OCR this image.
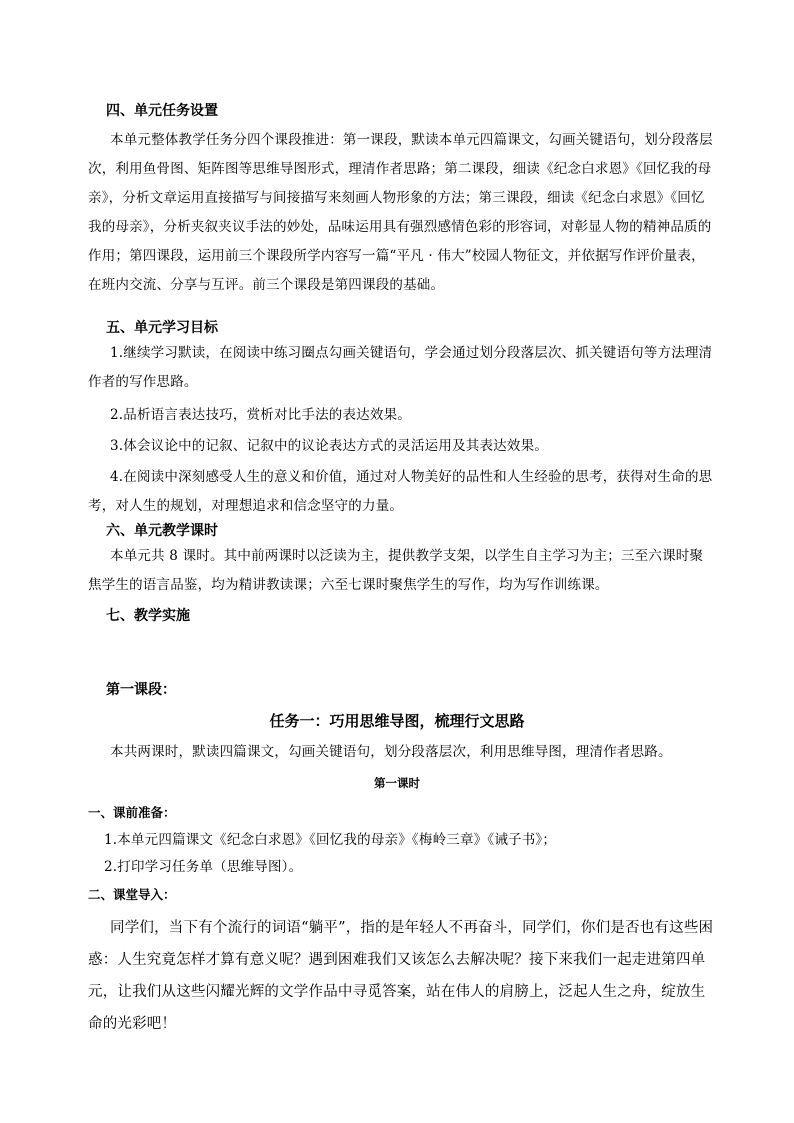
四、单元任务设置
本单元整体教学任务分四个课段推进：第一课段，默读本单元四篇课文，勾画关键语句，划分段落层次，利用鱼骨图、矩阵图等思维导图形式，理清作者思路；第二课段，细读《纪念白求恩》《回忆我的母亲》，分析文章运用直接描写与间接描写来刻画人物形象的方法；第三课段，细读《纪念白求恩》《回忆我的母亲》，分析夹叙夹议手法的妙处，品味运用具有强烈感情色彩的形容词，对彰显人物的精神品质的作用；第四课段，运用前三个课段所学内容写一篇“平凡 · 伟大”校园人物征文，并依据写作评价量表，在班内交流、分享与互评。前三个课段是第四课段的基础。
五、单元学习目标
1.继续学习默读，在阅读中练习圈点勾画关键语句，学会通过划分段落层次、抓关键语句等方法理清作者的写作思路。
2.品析语言表达技巧，赏析对比手法的表达效果。
3.体会议论中的记叙、记叙中的议论表达方式的灵活运用及其表达效果。
4.在阅读中深刻感受人生的意义和价值，通过对人物美好的品性和人生经验的思考，获得对生命的思考，对人生的规划，对理想追求和信念坚守的力量。
六、单元教学课时
本单元共 8 课时。其中前两课时以泛读为主，提供教学支架，以学生自主学习为主；三至六课时聚焦学生的语言品鉴，均为精讲教读课；六至七课时聚焦学生的写作，均为写作训练课。
七、教学实施
第一课段：
任务一：巧用思维导图，梳理行文思路
本共两课时，默读四篇课文，勾画关键语句，划分段落层次，利用思维导图，理清作者思路。
第一课时
一、课前准备：
1.本单元四篇课文《纪念白求恩》《回忆我的母亲》《梅岭三章》《诫子书》；
2.打印学习任务单（思维导图）。
二、课堂导入：
同学们，当下有个流行的词语“躺平”，指的是年轻人不再奋斗，同学们，你们是否也有这些困惑：人生究竟怎样才算有意义呢？遇到困难我们又该怎么去解决呢？接下来我们一起走进第四单元，让我们从这些闪耀光辉的文学作品中寻觅答案，站在伟人的肩膀上，泛起人生之舟，绽放生命的光彩吧！
